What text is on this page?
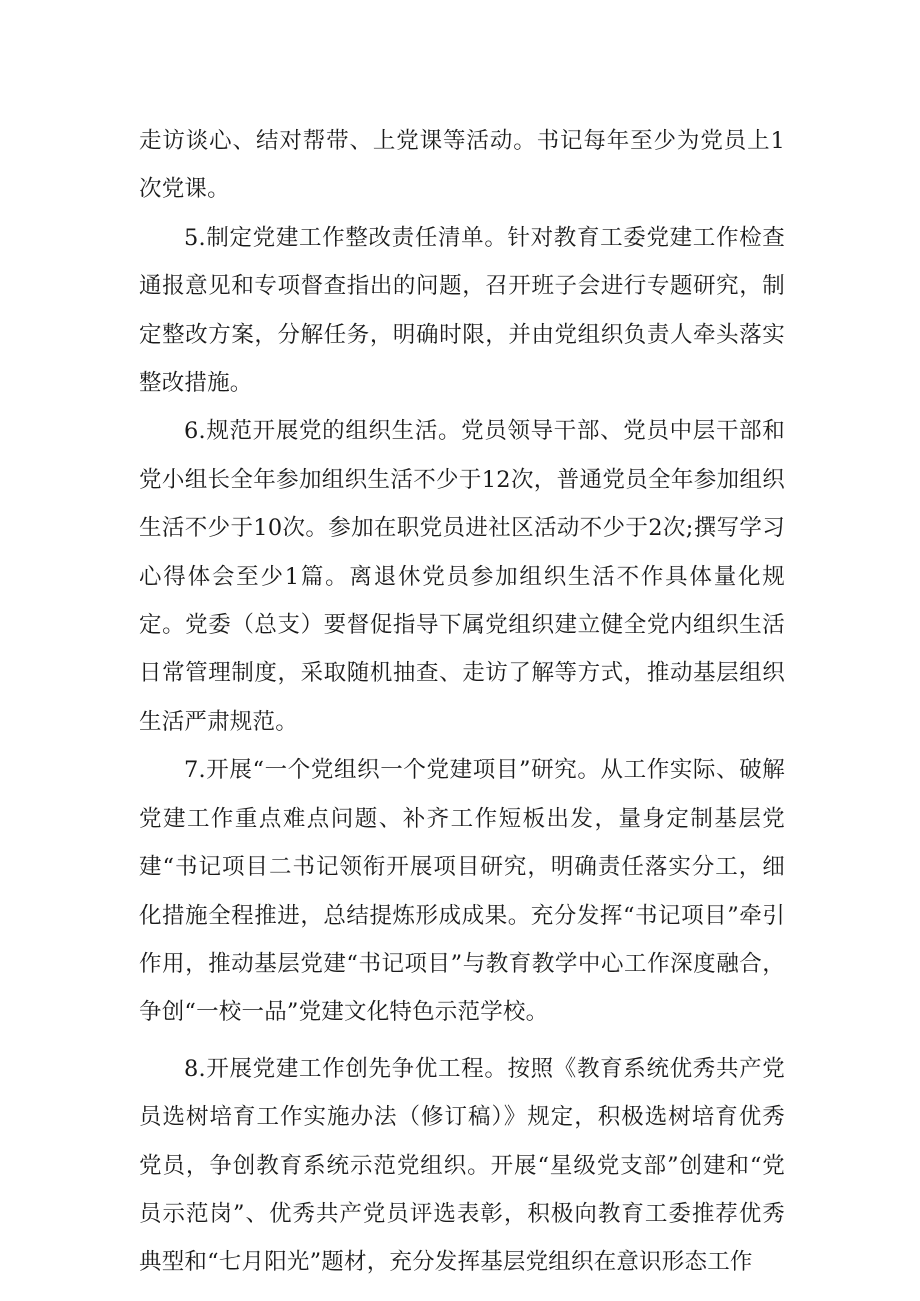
走访谈心、结对帮带、上党课等活动。书记每年至少为党员上1次党课。

5.制定党建工作整改责任清单。针对教育工委党建工作检查通报意见和专项督查指出的问题，召开班子会进行专题研究，制定整改方案，分解任务，明确时限，并由党组织负责人牵头落实整改措施。

6.规范开展党的组织生活。党员领导干部、党员中层干部和党小组长全年参加组织生活不少于12次，普通党员全年参加组织生活不少于10次。参加在职党员进社区活动不少于2次;撰写学习心得体会至少1篇。离退休党员参加组织生活不作具体量化规定。党委（总支）要督促指导下属党组织建立健全党内组织生活日常管理制度，采取随机抽查、走访了解等方式，推动基层组织生活严肃规范。

7.开展“一个党组织一个党建项目”研究。从工作实际、破解党建工作重点难点问题、补齐工作短板出发，量身定制基层党建“书记项目二书记领衔开展项目研究，明确责任落实分工，细化措施全程推进，总结提炼形成成果。充分发挥“书记项目”牵引作用，推动基层党建“书记项目”与教育教学中心工作深度融合，争创“一校一品”党建文化特色示范学校。

8.开展党建工作创先争优工程。按照《教育系统优秀共产党员选树培育工作实施办法（修订稿）》规定，积极选树培育优秀党员，争创教育系统示范党组织。开展“星级党支部”创建和“党员示范岗”、优秀共产党员评选表彰，积极向教育工委推荐优秀典型和“七月阳光”题材，充分发挥基层党组织在意识形态工作
